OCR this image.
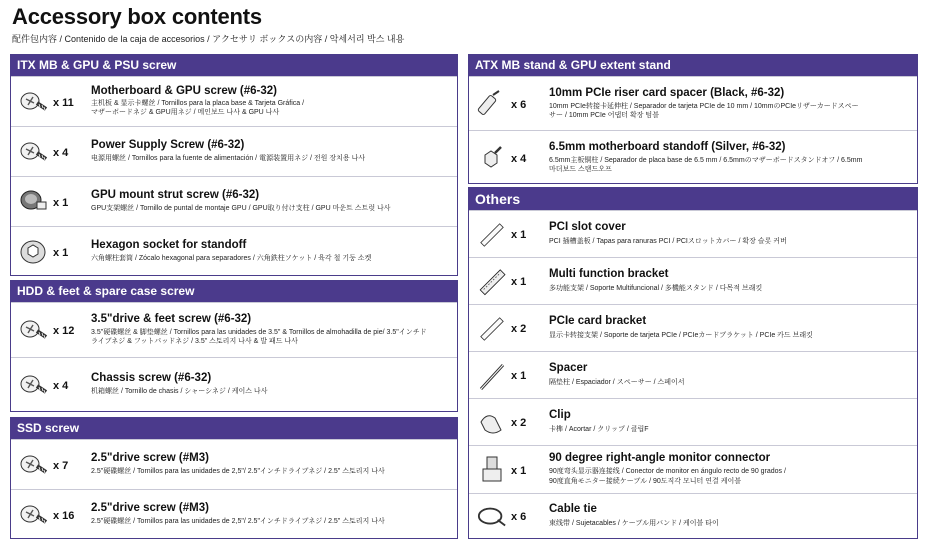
Accessory box contents
配件包内容 / Contenido de la caja de accesorios / アクセサリ ボックスの内容 / 악세서리 박스 내용
ITX MB & GPU & PSU screw
x 11
Motherboard & GPU screw (#6-32)
主机板 & 显示卡螺丝 / Tornillos para la placa base & Tarjeta Gráfica /
マザーボードネジ & GPU用ネジ / 메인보드 나사 & GPU 나사
x 4
Power Supply Screw (#6-32)
电源用螺丝 / Tornillos para la fuente de alimentación / 電源装置用ネジ / 전원 장치용 나사
x 1
GPU mount strut screw (#6-32)
GPU支架螺丝 / Tornillo de puntal de montaje GPU / GPU取り付け支柱 / GPU 마운트 스트럿 나사
x 1
Hexagon socket for standoff
六角螺柱套筒 / Zócalo hexagonal para separadores / 六角鉄柱ソケット / 육각 철 기둥 소켓
HDD & feet & spare case screw
x 12
3.5"drive & feet screw (#6-32)
3.5"硬碟螺丝 & 脚垫螺丝 / Tornillos para las unidades de 3.5" & Tornillos de almohadilla de pie/ 3.5"インチド
ライブネジ & フットパッドネジ / 3.5" 스토리지 나사 & 발 패드 나사
x 4
Chassis screw (#6-32)
机箱螺丝 / Tornillo de chasis / シャーシネジ / 케이스 나사
SSD screw
x 7
2.5"drive screw (#M3)
2.5"硬碟螺丝 / Tornillos para las unidades de 2,5"/ 2.5"インチドライブネジ / 2.5" 스토리지 나사
x 16
2.5"drive screw (#M3)
2.5"硬碟螺丝 / Tornillos para las unidades de 2,5"/ 2.5"インチドライブネジ / 2.5" 스토리지 나사
ATX MB stand & GPU extent stand
x 6
10mm PCIe riser card spacer (Black, #6-32)
10mm PCIe转接卡延伸柱 / Separador de tarjeta PCIe de 10 mm / 10mmのPCIeリザーカードスペー
サー / 10mm PCIe 어댑터 확장 텀블
x 4
6.5mm motherboard standoff (Silver, #6-32)
6.5mm主板铜柱 / Separador de placa base de 6.5 mm / 6.5mmのマザーボードスタンドオフ / 6.5mm
마더보드 스탠드오프
Others
x 1
PCI slot cover
PCI 插槽盖板 / Tapas para ranuras PCI / PCIスロットカバー / 확장 슬롯 커버
x 1
Multi function bracket
多功能支架 / Soporte Multifuncional / 多機能スタンド / 다목적 브래킷
x 2
PCIe card bracket
显示卡转接支架 / Soporte de tarjeta PCIe / PCIeカードブラケット / PCIe 카드 브래킷
x 1
Spacer
隔垫柱 / Espaciador / スペーサー / 스페이서
x 2
Clip
卡榫 / Acortar / クリップ / 클립F
x 1
90 degree right-angle monitor connector
90度弯头显示器连接线 / Conector de monitor en ángulo recto de 90 grados /
90度直角モニター接続ケーブル / 90도직각 모니터 연결 케이블
x 6
Cable tie
束线带 / Sujetacables / ケーブル用バンド / 케이블 타이
